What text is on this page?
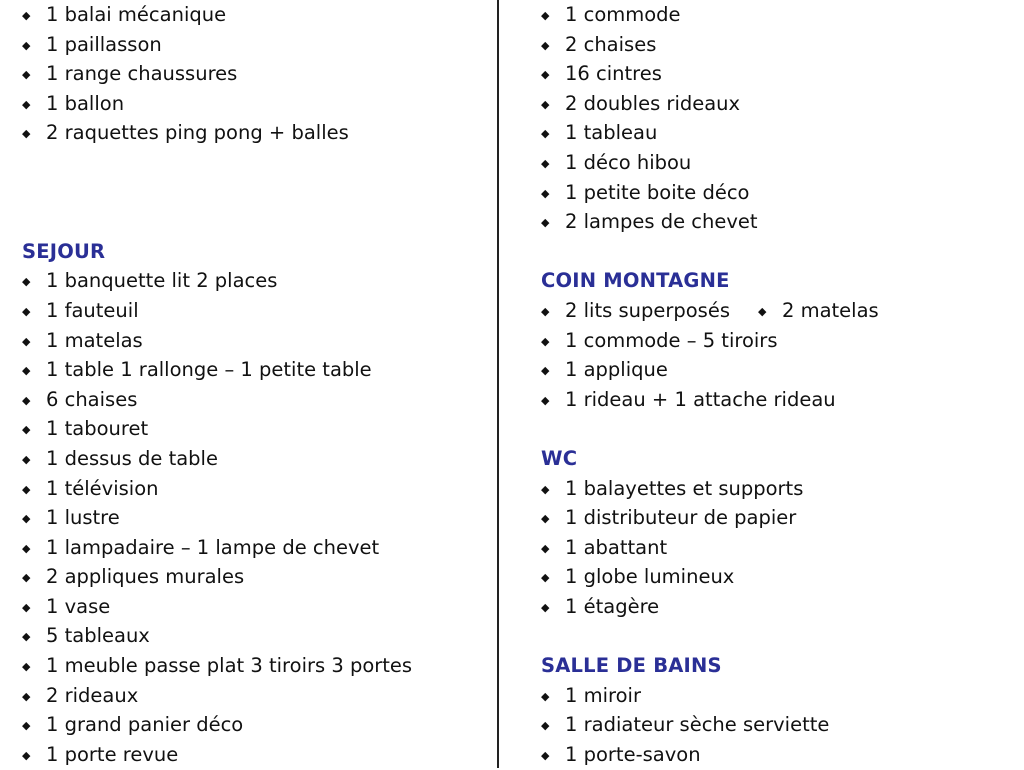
◆ 1 balai mécanique
◆ 1 paillasson
◆ 1 range chaussures
◆ 1 ballon
◆ 2 raquettes ping pong + balles
SEJOUR
◆ 1 banquette lit 2 places
◆ 1 fauteuil
◆ 1 matelas
◆ 1 table 1 rallonge – 1 petite table
◆ 6 chaises
◆ 1 tabouret
◆ 1 dessus de table
◆ 1 télévision
◆ 1 lustre
◆ 1 lampadaire – 1 lampe de chevet
◆ 2 appliques murales
◆ 1 vase
◆ 5 tableaux
◆ 1 meuble passe plat 3 tiroirs 3 portes
◆ 2 rideaux
◆ 1 grand panier déco
◆ 1 porte revue
◆ 1 commode
◆ 2 chaises
◆ 16 cintres
◆ 2 doubles rideaux
◆ 1 tableau
◆ 1 déco hibou
◆ 1 petite boite déco
◆ 2 lampes de chevet
COIN MONTAGNE
◆ 2 lits superposés	◆ 2 matelas
◆ 1 commode – 5 tiroirs
◆ 1 applique
◆ 1 rideau + 1 attache rideau
WC
◆ 1 balayettes et supports
◆ 1 distributeur de papier
◆ 1 abattant
◆ 1 globe lumineux
◆ 1 étagère
SALLE DE BAINS
◆ 1 miroir
◆ 1 radiateur sèche serviette
◆ 1 porte-savon
